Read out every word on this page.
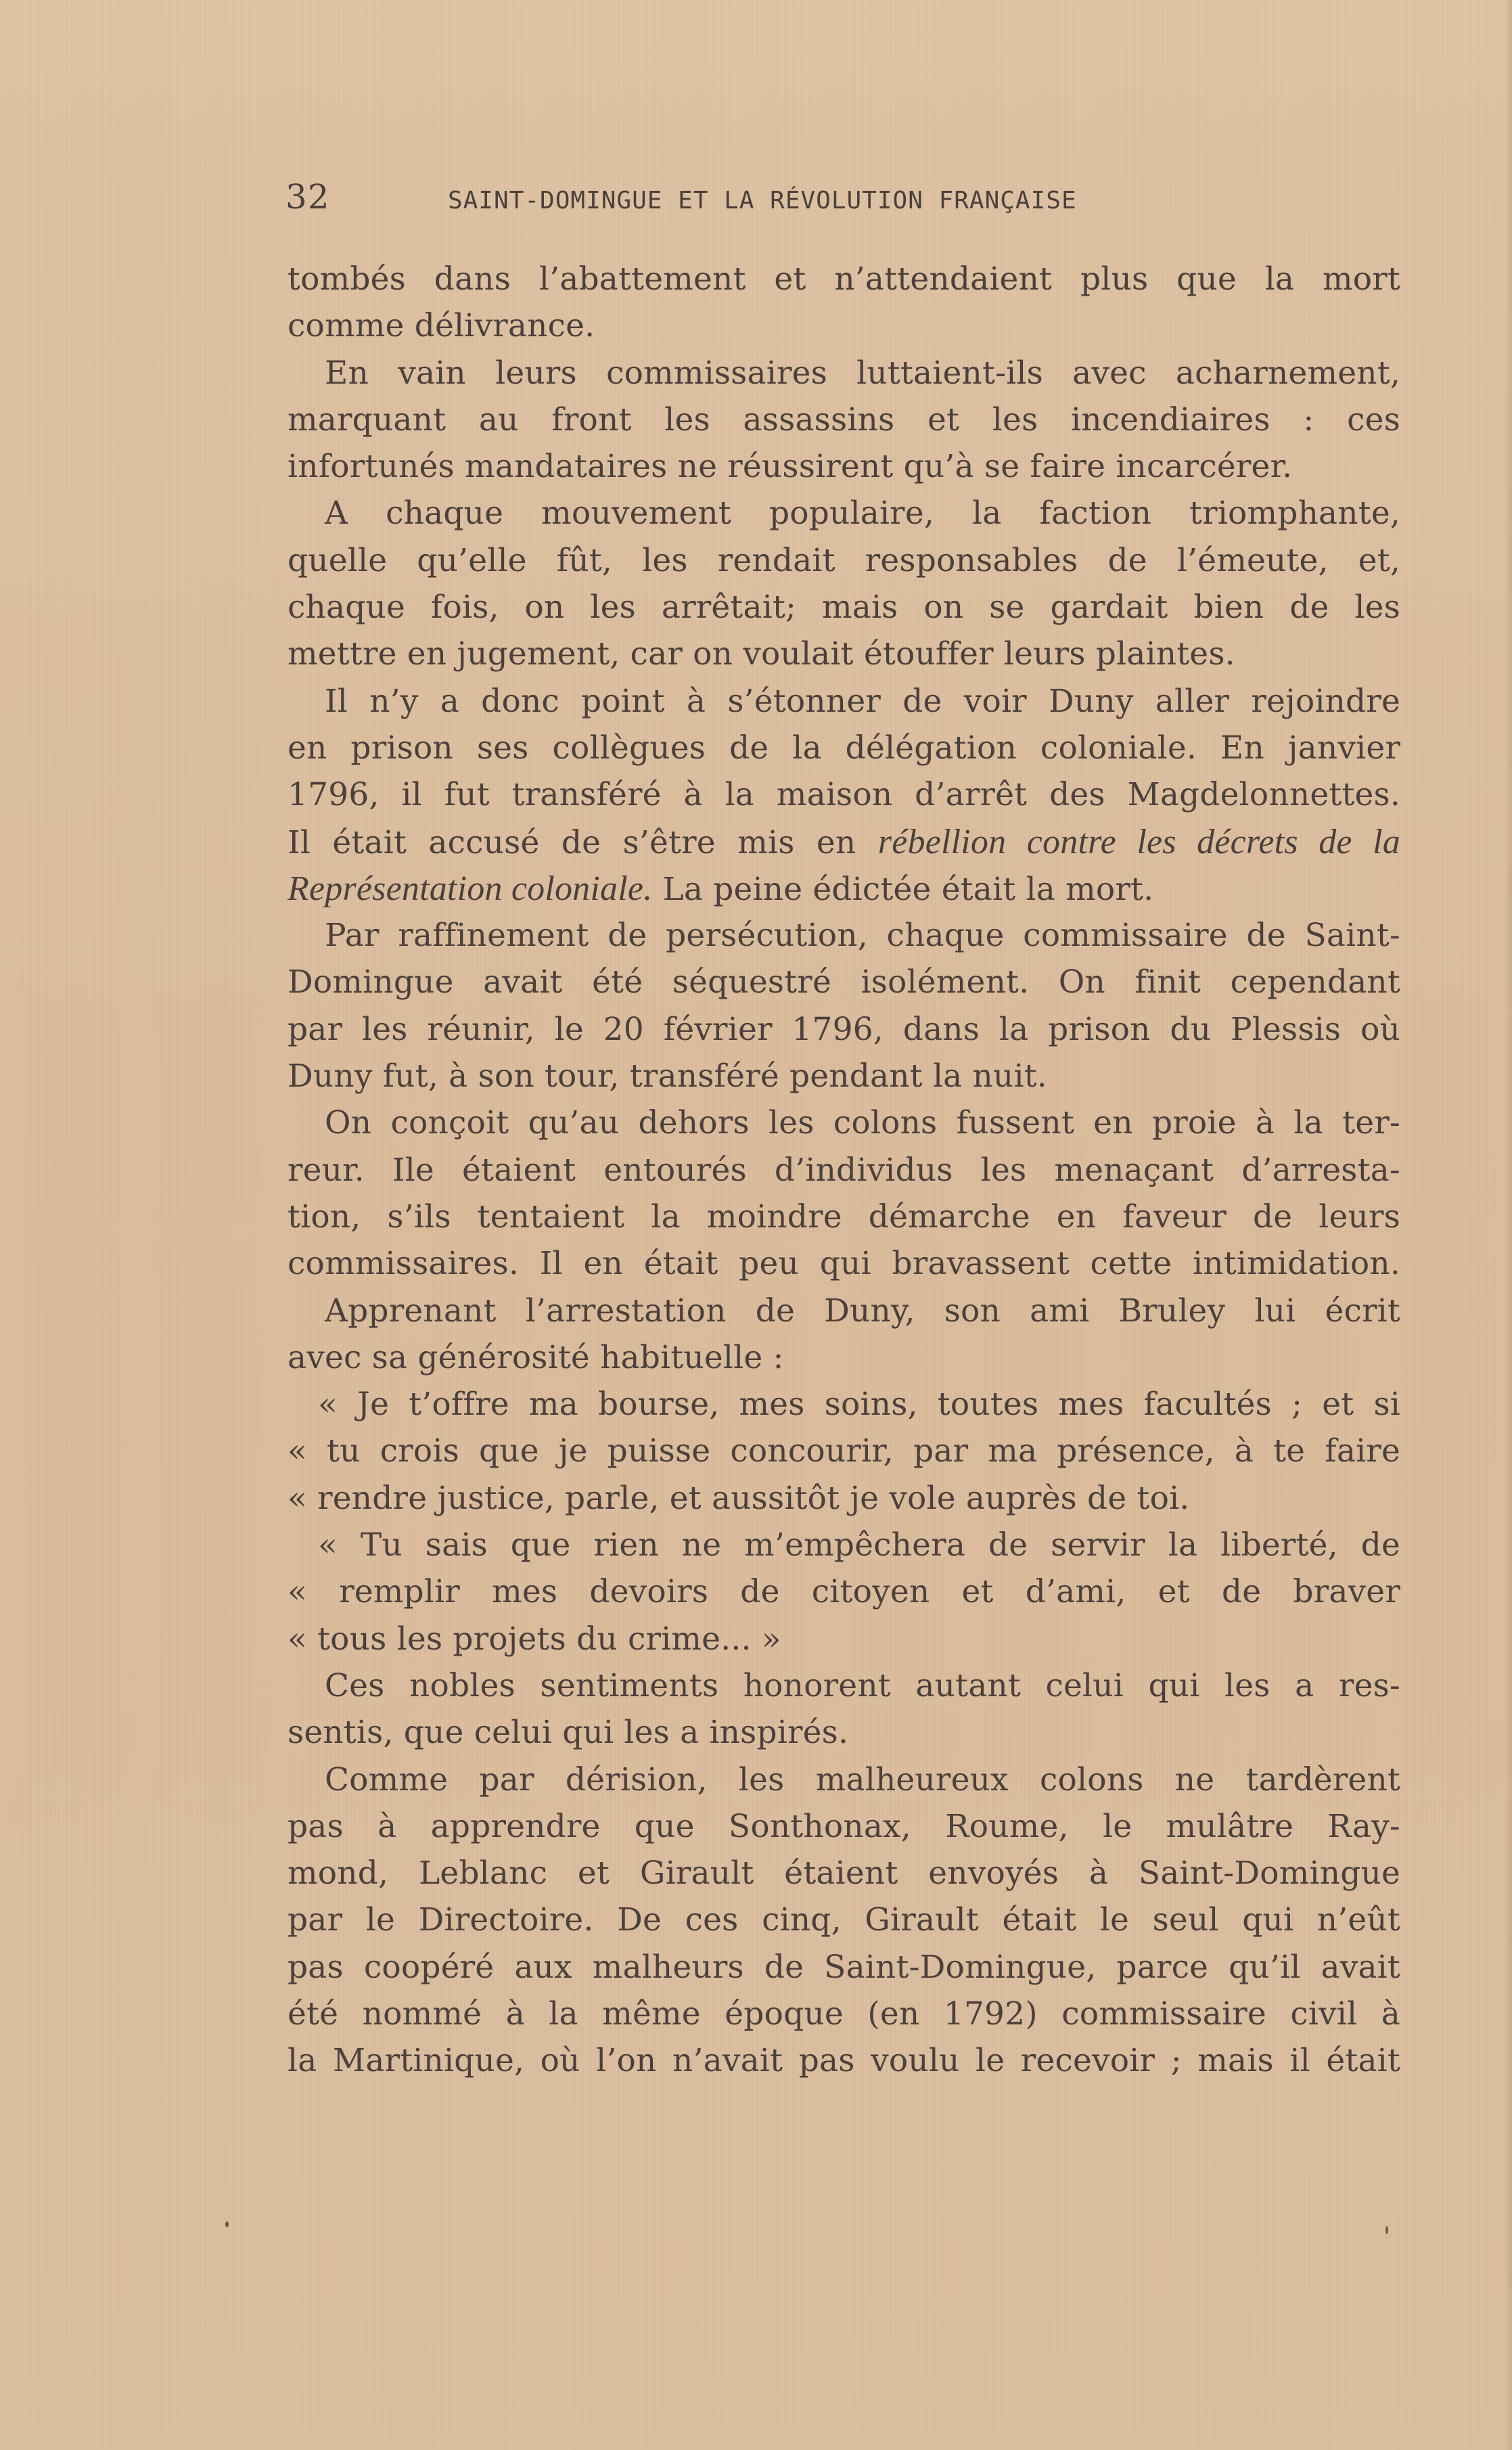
32	SAINT-DOMINGUE ET LA RÉVOLUTION FRANÇAISE
tombés dans l’abattement et n’attendaient plus que la mort
comme délivrance.
En vain leurs commissaires luttaient-ils avec acharnement,
marquant au front les assassins et les incendiaires : ces
infortunés mandataires ne réussirent qu’à se faire incarcérer.
A chaque mouvement populaire, la faction triomphante,
quelle qu’elle fût, les rendait responsables de l’émeute, et,
chaque fois, on les arrêtait; mais on se gardait bien de les
mettre en jugement, car on voulait étouffer leurs plaintes.
Il n’y a donc point à s’étonner de voir Duny aller rejoindre
en prison ses collègues de la délégation coloniale. En janvier
1796, il fut transféré à la maison d’arrêt des Magdelonnettes.
Il était accusé de s’être mis en rébellion contre les décrets de la
Représentation coloniale. La peine édictée était la mort.
Par raffinement de persécution, chaque commissaire de Saint-
Domingue avait été séquestré isolément. On finit cependant
par les réunir, le 20 février 1796, dans la prison du Plessis où
Duny fut, à son tour, transféré pendant la nuit.
On conçoit qu’au dehors les colons fussent en proie à la ter-
reur. Ile étaient entourés d’individus les menaçant d’arresta-
tion, s’ils tentaient la moindre démarche en faveur de leurs
commissaires. Il en était peu qui bravassent cette intimidation.
Apprenant l’arrestation de Duny, son ami Bruley lui écrit
avec sa générosité habituelle :
« Je t’offre ma bourse, mes soins, toutes mes facultés ; et si
« tu crois que je puisse concourir, par ma présence, à te faire
« rendre justice, parle, et aussitôt je vole auprès de toi.
« Tu sais que rien ne m’empêchera de servir la liberté, de
« remplir mes devoirs de citoyen et d’ami, et de braver
« tous les projets du crime... »
Ces nobles sentiments honorent autant celui qui les a res-
sentis, que celui qui les a inspirés.
Comme par dérision, les malheureux colons ne tardèrent
pas à apprendre que Sonthonax, Roume, le mulâtre Ray-
mond, Leblanc et Girault étaient envoyés à Saint-Domingue
par le Directoire. De ces cinq, Girault était le seul qui n’eût
pas coopéré aux malheurs de Saint-Domingue, parce qu’il avait
été nommé à la même époque (en 1792) commissaire civil à
la Martinique, où l’on n’avait pas voulu le recevoir ; mais il était
